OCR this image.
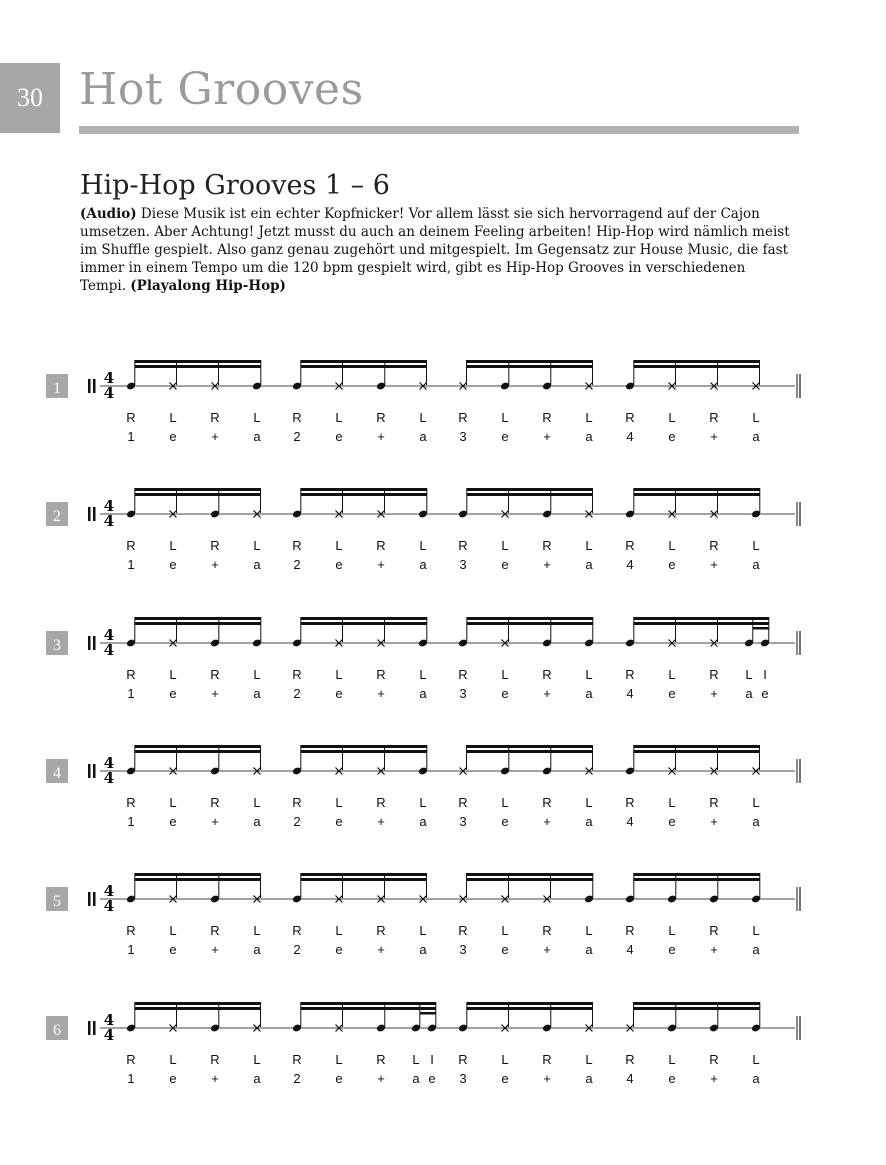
30 Hot Grooves
Hip-Hop Grooves 1 – 6
(Audio) Diese Musik ist ein echter Kopfnicker! Vor allem lässt sie sich hervorragend auf der Cajon umsetzen. Aber Achtung! Jetzt musst du auch an deinem Feeling arbeiten! Hip-Hop wird nämlich meist im Shuffle gespielt. Also ganz genau zugehört und mitgespielt. Im Gegensatz zur House Music, die fast immer in einem Tempo um die 120 bpm gespielt wird, gibt es Hip-Hop Grooves in verschiedenen Tempi. (Playalong Hip-Hop)
1
4
4
R	L	R	L R	L	R	L R	L	R	L	R	L	R	L
1	e	+	a	2	e	+	a	3	e	+	a	4	e	+	a
2
4
4
R	L	R	L R	L	R	L R	L	R	L	R	L	R	L
1	e	+	a	2	e	+	a	3	e	+	a	4	e	+	a
3
4
4
R	L	R	L R	L	R	L R	L	R	L	R	L	R L I
1	e	+	a	2	e	+	a	3	e	+	a	4	e	+ a e
4
4
4
R	L	R	L R	L	R	L R	L	R	L	R	L	R	L
1	e	+	a	2	e	+	a	3	e	+	a	4	e	+	a
5
4
4
R	L	R	L R	L	R	L R	L	R	L	R	L	R	L
1	e	+	a	2	e	+	a	3	e	+	a	4	e	+	a
6
4
4
R	L	R	L R	L	R L I R	L	R	L	R	L	R	L
1	e	+	a	2	e	+ a e 3	e	+	a	4	e	+	a
